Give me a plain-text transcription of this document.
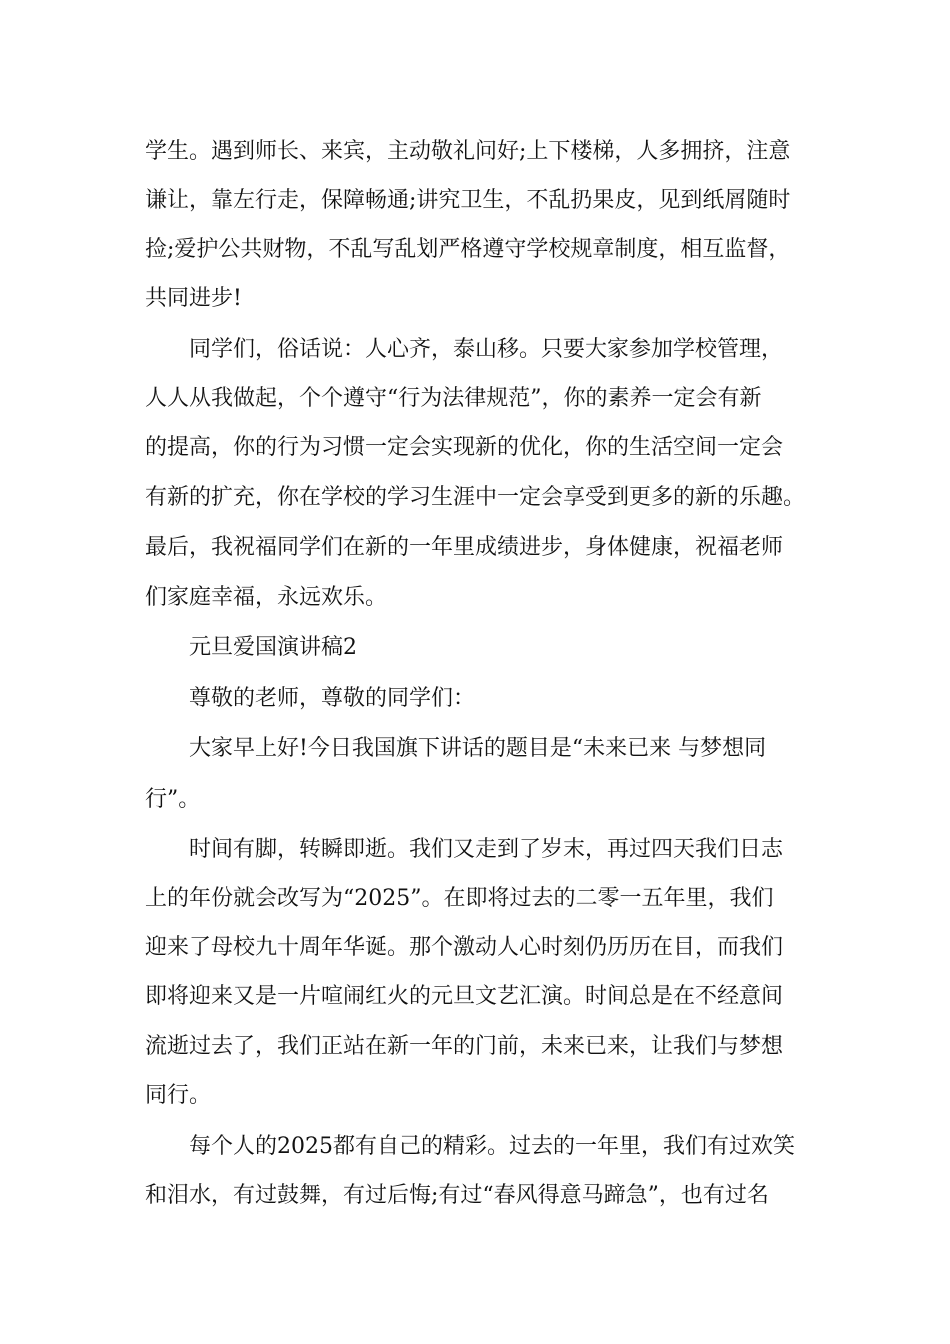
学生。遇到师长、来宾，主动敬礼问好;上下楼梯，人多拥挤，注意
谦让，靠左行走，保障畅通;讲究卫生，不乱扔果皮，见到纸屑随时
捡;爱护公共财物，不乱写乱划严格遵守学校规章制度，相互监督，
共同进步!
同学们，俗话说：人心齐，泰山移。只要大家参加学校管理，
人人从我做起，个个遵守“行为法律规范”，你的素养一定会有新
的提高，你的行为习惯一定会实现新的优化，你的生活空间一定会
有新的扩充，你在学校的学习生涯中一定会享受到更多的新的乐趣。
最后，我祝福同学们在新的一年里成绩进步，身体健康，祝福老师
们家庭幸福，永远欢乐。
元旦爱国演讲稿2
尊敬的老师，尊敬的同学们：
大家早上好!今日我国旗下讲话的题目是“未来已来 与梦想同
行”。
时间有脚，转瞬即逝。我们又走到了岁末，再过四天我们日志
上的年份就会改写为“2025”。在即将过去的二零一五年里，我们
迎来了母校九十周年华诞。那个激动人心时刻仍历历在目，而我们
即将迎来又是一片喧闹红火的元旦文艺汇演。时间总是在不经意间
流逝过去了，我们正站在新一年的门前，未来已来，让我们与梦想
同行。
每个人的2025都有自己的精彩。过去的一年里，我们有过欢笑
和泪水，有过鼓舞，有过后悔;有过“春风得意马蹄急”，也有过名
